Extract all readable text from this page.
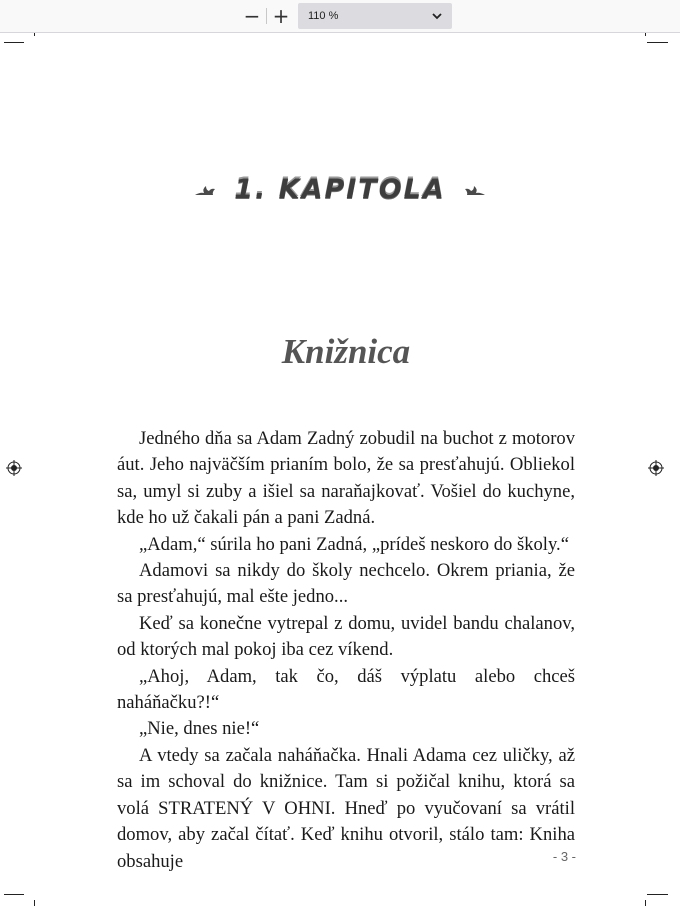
− +	110 %
1. KAPITOLA
Knižnica

Jedného dňa sa Adam Zadný zobudil na buchot z motorov áut. Jeho najväčším prianím bolo, že sa presťahujú. Obliekol sa, umyl si zuby a išiel sa naraňajkovať. Vošiel do kuchyne, kde ho už čakali pán a pani Zadná.

„Adam,“ súrila ho pani Zadná, „prídeš neskoro do školy.“

Adamovi sa nikdy do školy nechcelo. Okrem priania, že sa presťahujú, mal ešte jedno...

Keď sa konečne vytrepal z domu, uvidel bandu chalanov, od ktorých mal pokoj iba cez víkend.

„Ahoj, Adam, tak čo, dáš výplatu alebo chceš naháňačku?!“

„Nie, dnes nie!“

A vtedy sa začala naháňačka. Hnali Adama cez uličky, až sa im schoval do knižnice. Tam si požičal knihu, ktorá sa volá STRATENÝ V OHNI. Hneď po vyučovaní sa vrátil domov, aby začal čítať. Keď knihu otvoril, stálo tam: Kniha obsahuje	- 3 -
